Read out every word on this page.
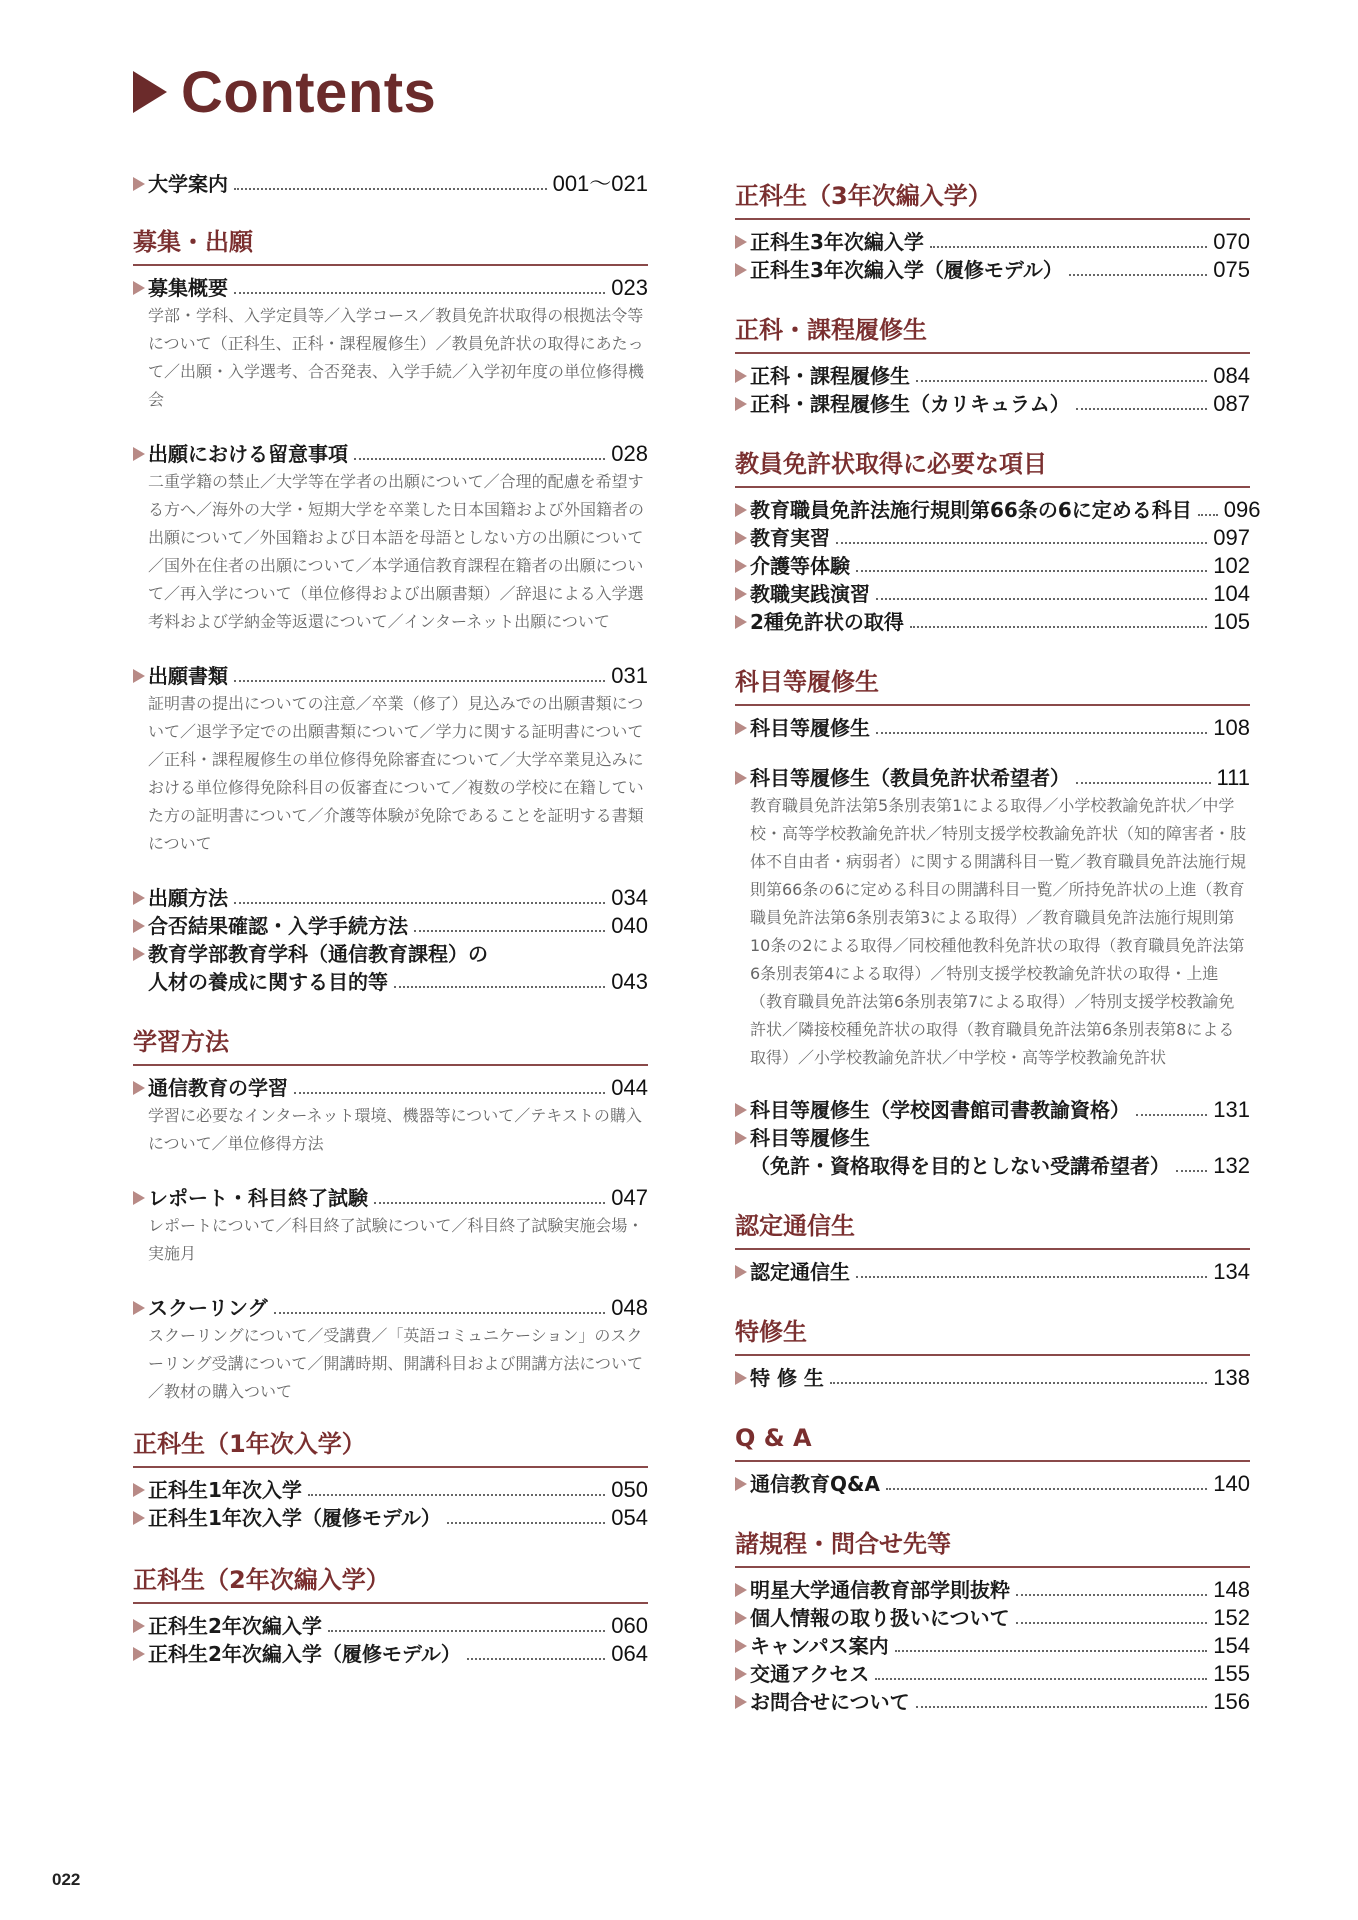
Contents
大学案内	001〜021
募集・出願
募集概要	023
学部・学科、入学定員等／入学コース／教員免許状取得の根拠法令等について（正科生、正科・課程履修生）／教員免許状の取得にあたって／出願・入学選考、合否発表、入学手続／入学初年度の単位修得機会
出願における留意事項	028
二重学籍の禁止／大学等在学者の出願について／合理的配慮を希望する方へ／海外の大学・短期大学を卒業した日本国籍および外国籍者の出願について／外国籍および日本語を母語としない方の出願について／国外在住者の出願について／本学通信教育課程在籍者の出願について／再入学について（単位修得および出願書類）／辞退による入学選考料および学納金等返還について／インターネット出願について
出願書類	031
証明書の提出についての注意／卒業（修了）見込みでの出願書類について／退学予定での出願書類について／学力に関する証明書について／正科・課程履修生の単位修得免除審査について／大学卒業見込みにおける単位修得免除科目の仮審査について／複数の学校に在籍していた方の証明書について／介護等体験が免除であることを証明する書類について
出願方法	034
合否結果確認・入学手続方法	040
教育学部教育学科（通信教育課程）の
人材の養成に関する目的等	043
学習方法
通信教育の学習	044
学習に必要なインターネット環境、機器等について／テキストの購入について／単位修得方法
レポート・科目終了試験	047
レポートについて／科目終了試験について／科目終了試験実施会場・実施月
スクーリング	048
スクーリングについて／受講費／「英語コミュニケーション」のスクーリング受講について／開講時期、開講科目および開講方法について／教材の購入ついて
正科生（1年次入学）
正科生1年次入学	050
正科生1年次入学（履修モデル）	054
正科生（2年次編入学）
正科生2年次編入学	060
正科生2年次編入学（履修モデル）	064
正科生（3年次編入学）
正科生3年次編入学	070
正科生3年次編入学（履修モデル）	075
正科・課程履修生
正科・課程履修生	084
正科・課程履修生（カリキュラム）	087
教員免許状取得に必要な項目
教育職員免許法施行規則第66条の6に定める科目 096
教育実習	097
介護等体験	102
教職実践演習	104
2種免許状の取得	105
科目等履修生
科目等履修生	108
科目等履修生（教員免許状希望者）	111
教育職員免許法第5条別表第1による取得／小学校教諭免許状／中学校・高等学校教諭免許状／特別支援学校教諭免許状（知的障害者・肢体不自由者・病弱者）に関する開講科目一覧／教育職員免許法施行規則第66条の6に定める科目の開講科目一覧／所持免許状の上進（教育職員免許法第6条別表第3による取得）／教育職員免許法施行規則第10条の2による取得／同校種他教科免許状の取得（教育職員免許法第6条別表第4による取得）／特別支援学校教諭免許状の取得・上進（教育職員免許法第6条別表第7による取得）／特別支援学校教諭免許状／隣接校種免許状の取得（教育職員免許法第6条別表第8による取得）／小学校教諭免許状／中学校・高等学校教諭免許状
科目等履修生（学校図書館司書教諭資格）	131
科目等履修生
（免許・資格取得を目的としない受講希望者） 132
認定通信生
認定通信生	134
特修生
特 修 生	138
Q & A
通信教育Q&A	140
諸規程・問合せ先等
明星大学通信教育部学則抜粋	148
個人情報の取り扱いについて	152
キャンパス案内	154
交通アクセス	155
お問合せについて	156
022
